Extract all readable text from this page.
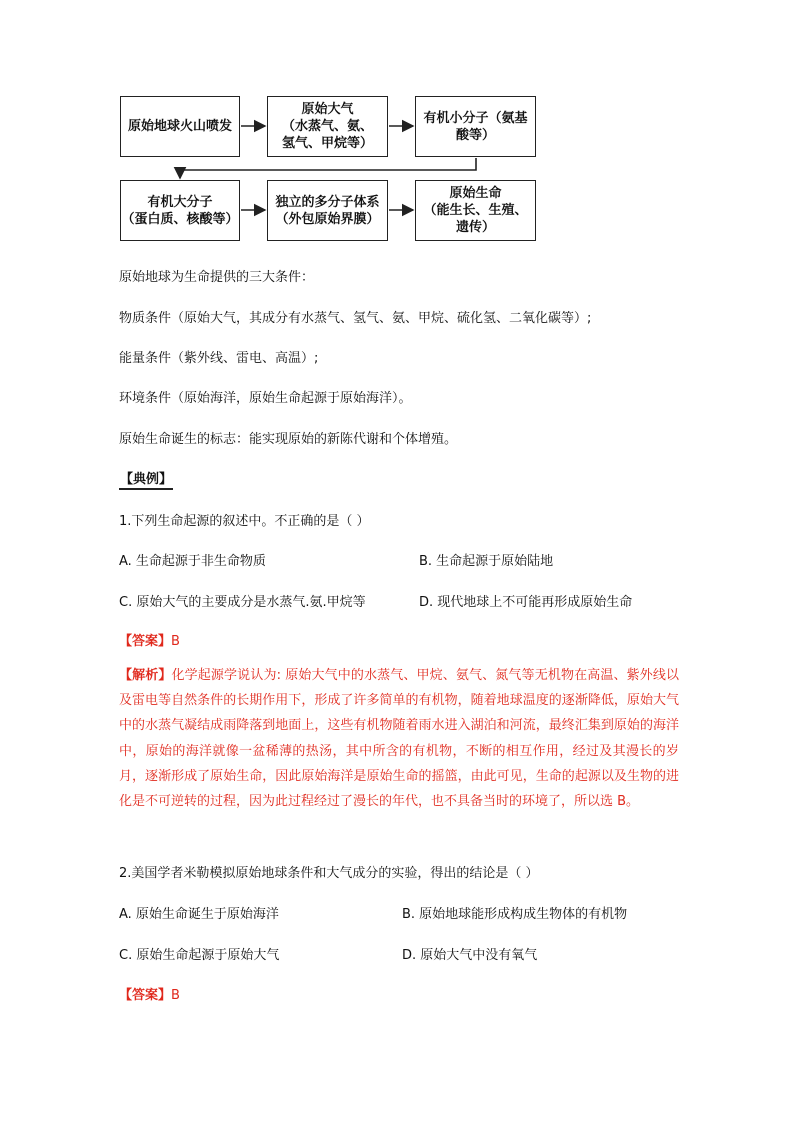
原始地球火山喷发
原始大气
（水蒸气、氨、
氢气、甲烷等）
有机小分子（氨基
酸等）
有机大分子
（蛋白质、核酸等）
独立的多分子体系
（外包原始界膜）
原始生命
（能生长、生殖、
遗传）
原始地球为生命提供的三大条件：
物质条件（原始大气，其成分有水蒸气、氢气、氨、甲烷、硫化氢、二氧化碳等）;
能量条件（紫外线、雷电、高温）;
环境条件（原始海洋，原始生命起源于原始海洋）。
原始生命诞生的标志：能实现原始的新陈代谢和个体增殖。
【典例】
1.下列生命起源的叙述中。不正确的是（ ）
A. 生命起源于非生命物质	B. 生命起源于原始陆地
C. 原始大气的主要成分是水蒸气.氨.甲烷等	D. 现代地球上不可能再形成原始生命
【答案】B
【解析】化学起源学说认为: 原始大气中的水蒸气、甲烷、氨气、氮气等无机物在高温、紫外线以及雷电等自然条件的长期作用下，形成了许多简单的有机物，随着地球温度的逐渐降低，原始大气中的水蒸气凝结成雨降落到地面上，这些有机物随着雨水进入湖泊和河流，最终汇集到原始的海洋中，原始的海洋就像一盆稀薄的热汤，其中所含的有机物，不断的相互作用，经过及其漫长的岁月，逐渐形成了原始生命，因此原始海洋是原始生命的摇篮，由此可见，生命的起源以及生物的进化是不可逆转的过程，因为此过程经过了漫长的年代，也不具备当时的环境了，所以选 B。
2.美国学者米勒模拟原始地球条件和大气成分的实验，得出的结论是（ ）
A. 原始生命诞生于原始海洋	B. 原始地球能形成构成生物体的有机物
C. 原始生命起源于原始大气	D. 原始大气中没有氧气
【答案】B
